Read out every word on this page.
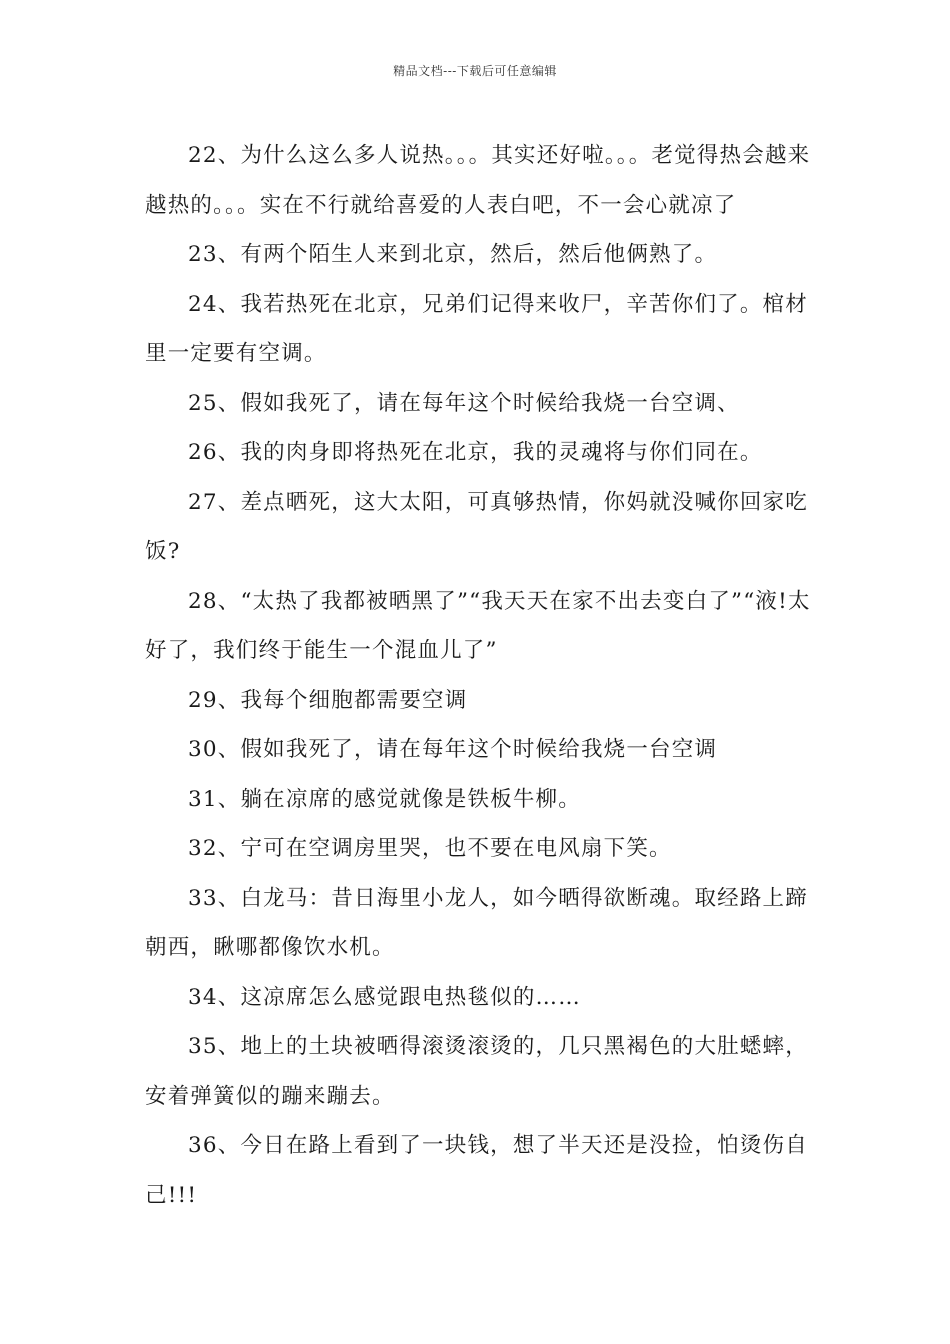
精品文档---下载后可任意编辑

22、为什么这么多人说热。。。其实还好啦。。。老觉得热会越来越热的。。。实在不行就给喜爱的人表白吧，不一会心就凉了

23、有两个陌生人来到北京，然后，然后他俩熟了。

24、我若热死在北京，兄弟们记得来收尸，辛苦你们了。棺材里一定要有空调。

25、假如我死了，请在每年这个时候给我烧一台空调、

26、我的肉身即将热死在北京，我的灵魂将与你们同在。

27、差点晒死，这大太阳，可真够热情，你妈就没喊你回家吃饭?

28、“太热了我都被晒黑了”“我天天在家不出去变白了”“液!太好了，我们终于能生一个混血儿了”

29、我每个细胞都需要空调

30、假如我死了，请在每年这个时候给我烧一台空调

31、躺在凉席的感觉就像是铁板牛柳。

32、宁可在空调房里哭，也不要在电风扇下笑。

33、白龙马：昔日海里小龙人，如今晒得欲断魂。取经路上蹄朝西，瞅哪都像饮水机。

34、这凉席怎么感觉跟电热毯似的……

35、地上的土块被晒得滚烫滚烫的，几只黑褐色的大肚蟋蟀，安着弹簧似的蹦来蹦去。

36、今日在路上看到了一块钱，想了半天还是没捡，怕烫伤自己!!!
